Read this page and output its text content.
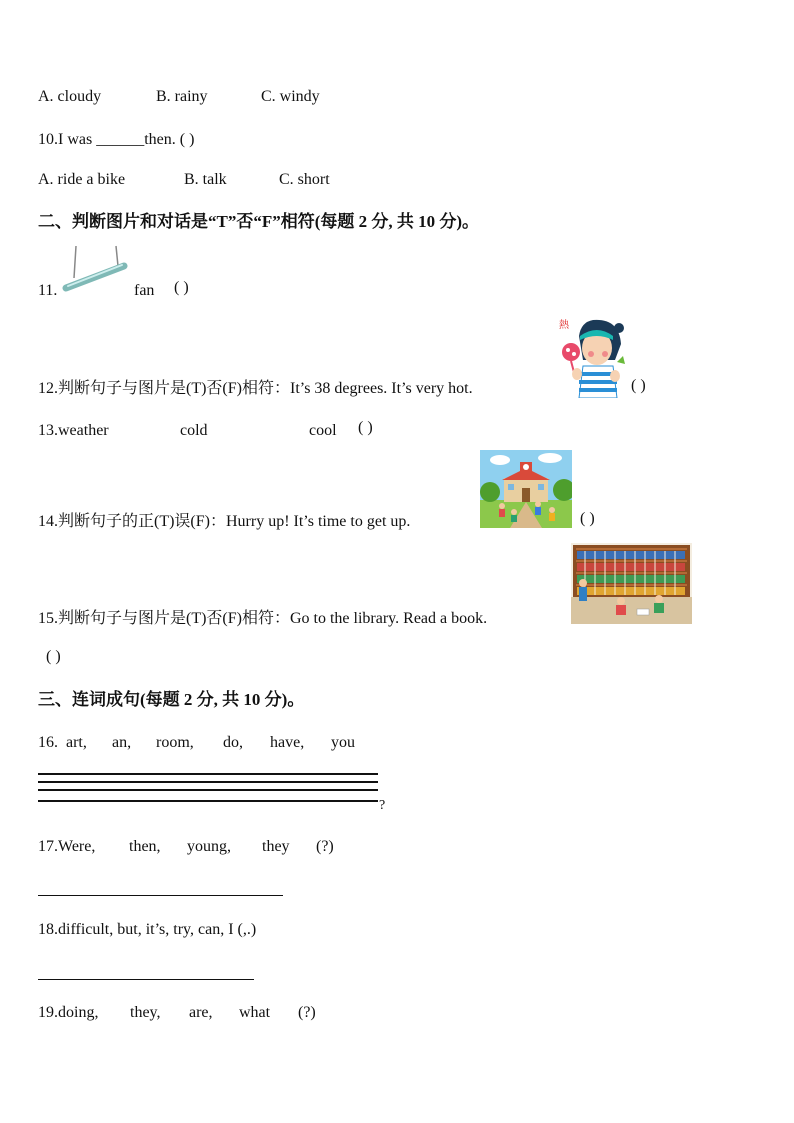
A. cloudy	B. rainy	C. windy
10.I was ______then. ( )
A. ride a bike	B. talk	C. short
二、判断图片和对话是“T”否“F”相符(每题 2 分, 共 10 分)。
11.	fan ( )
12.判断句子与图片是(T)否(F)相符：It’s 38 degrees. It’s very hot.
熱
( )
13.weather	cold	cool ( )
14.判断句子的正(T)误(F)：Hurry up! It’s time to get up.	( )
15.判断句子与图片是(T)否(F)相符：Go to the library. Read a book.
( )
三、连词成句(每题 2 分, 共 10 分)。
16. art, an, room, do, have, you
?
17.Were, then, young, they (?)
18.difficult, but, it’s, try, can, I (,.)
19.doing, they, are, what (?)
